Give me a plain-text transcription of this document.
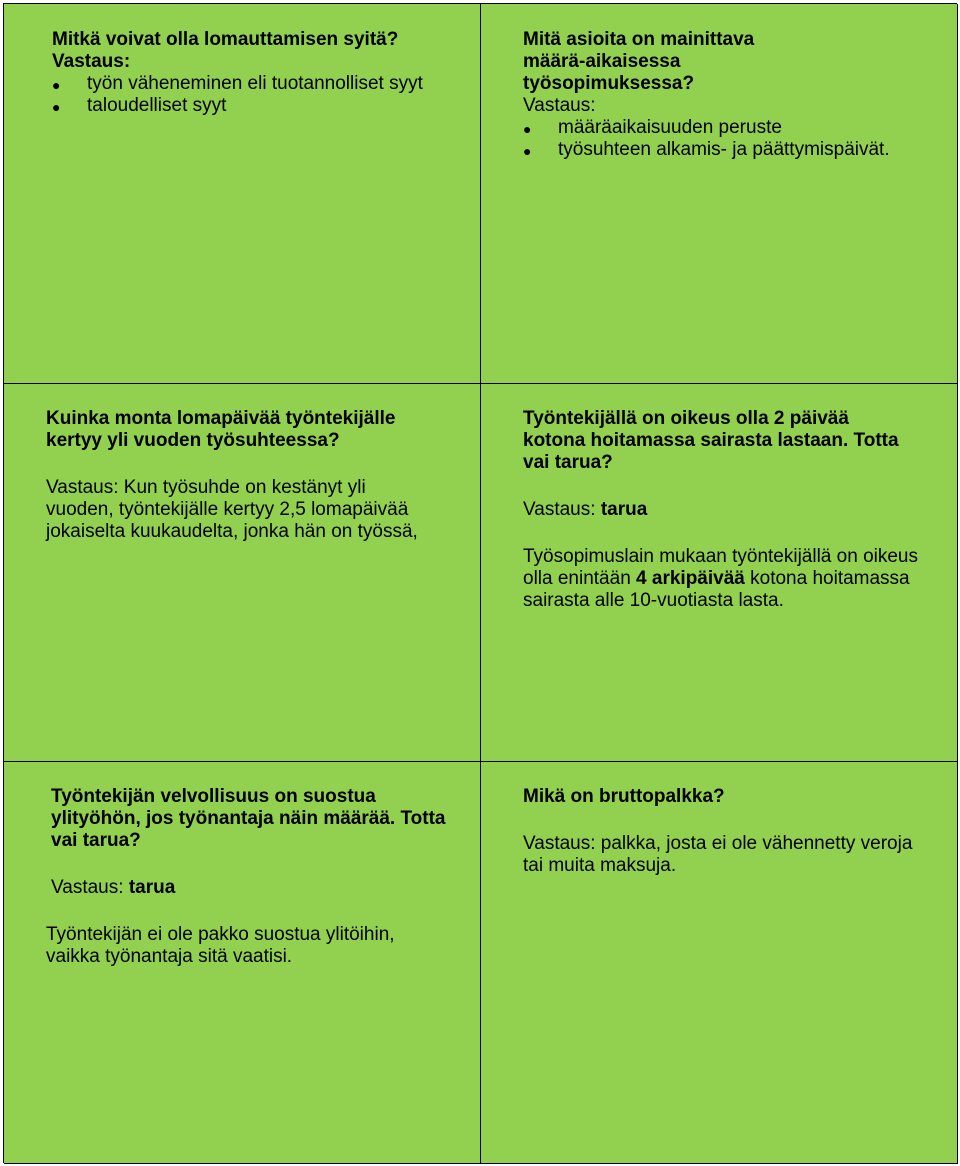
Mitkä voivat olla lomauttamisen syitä?

Vastaus:

●
työn väheneminen eli tuotannolliset syyt
●
taloudelliset syyt

Mitä asioita on mainittava määrä-aikaisessa työsopimuksessa?

Vastaus:

●
määräaikaisuuden peruste
●
työsuhteen alkamis- ja päättymispäivät.

Kuinka monta lomapäivää työntekijälle kertyy yli vuoden työsuhteessa?

Vastaus: Kun työsuhde on kestänyt yli vuoden, työntekijälle kertyy 2,5 lomapäivää jokaiselta kuukaudelta, jonka hän on työssä,

Työntekijällä on oikeus olla 2 päivää kotona hoitamassa sairasta lastaan. Totta vai tarua?

Vastaus: tarua

Työsopimuslain mukaan työntekijällä on oikeus olla enintään 4 arkipäivää kotona hoitamassa sairasta alle 10-vuotiasta lasta.

Työntekijän velvollisuus on suostua ylityöhön, jos työnantaja näin määrää. Totta vai tarua?

Vastaus: tarua

Työntekijän ei ole pakko suostua ylitöihin, vaikka työnantaja sitä vaatisi.

Mikä on bruttopalkka?

Vastaus: palkka, josta ei ole vähennetty veroja tai muita maksuja.
